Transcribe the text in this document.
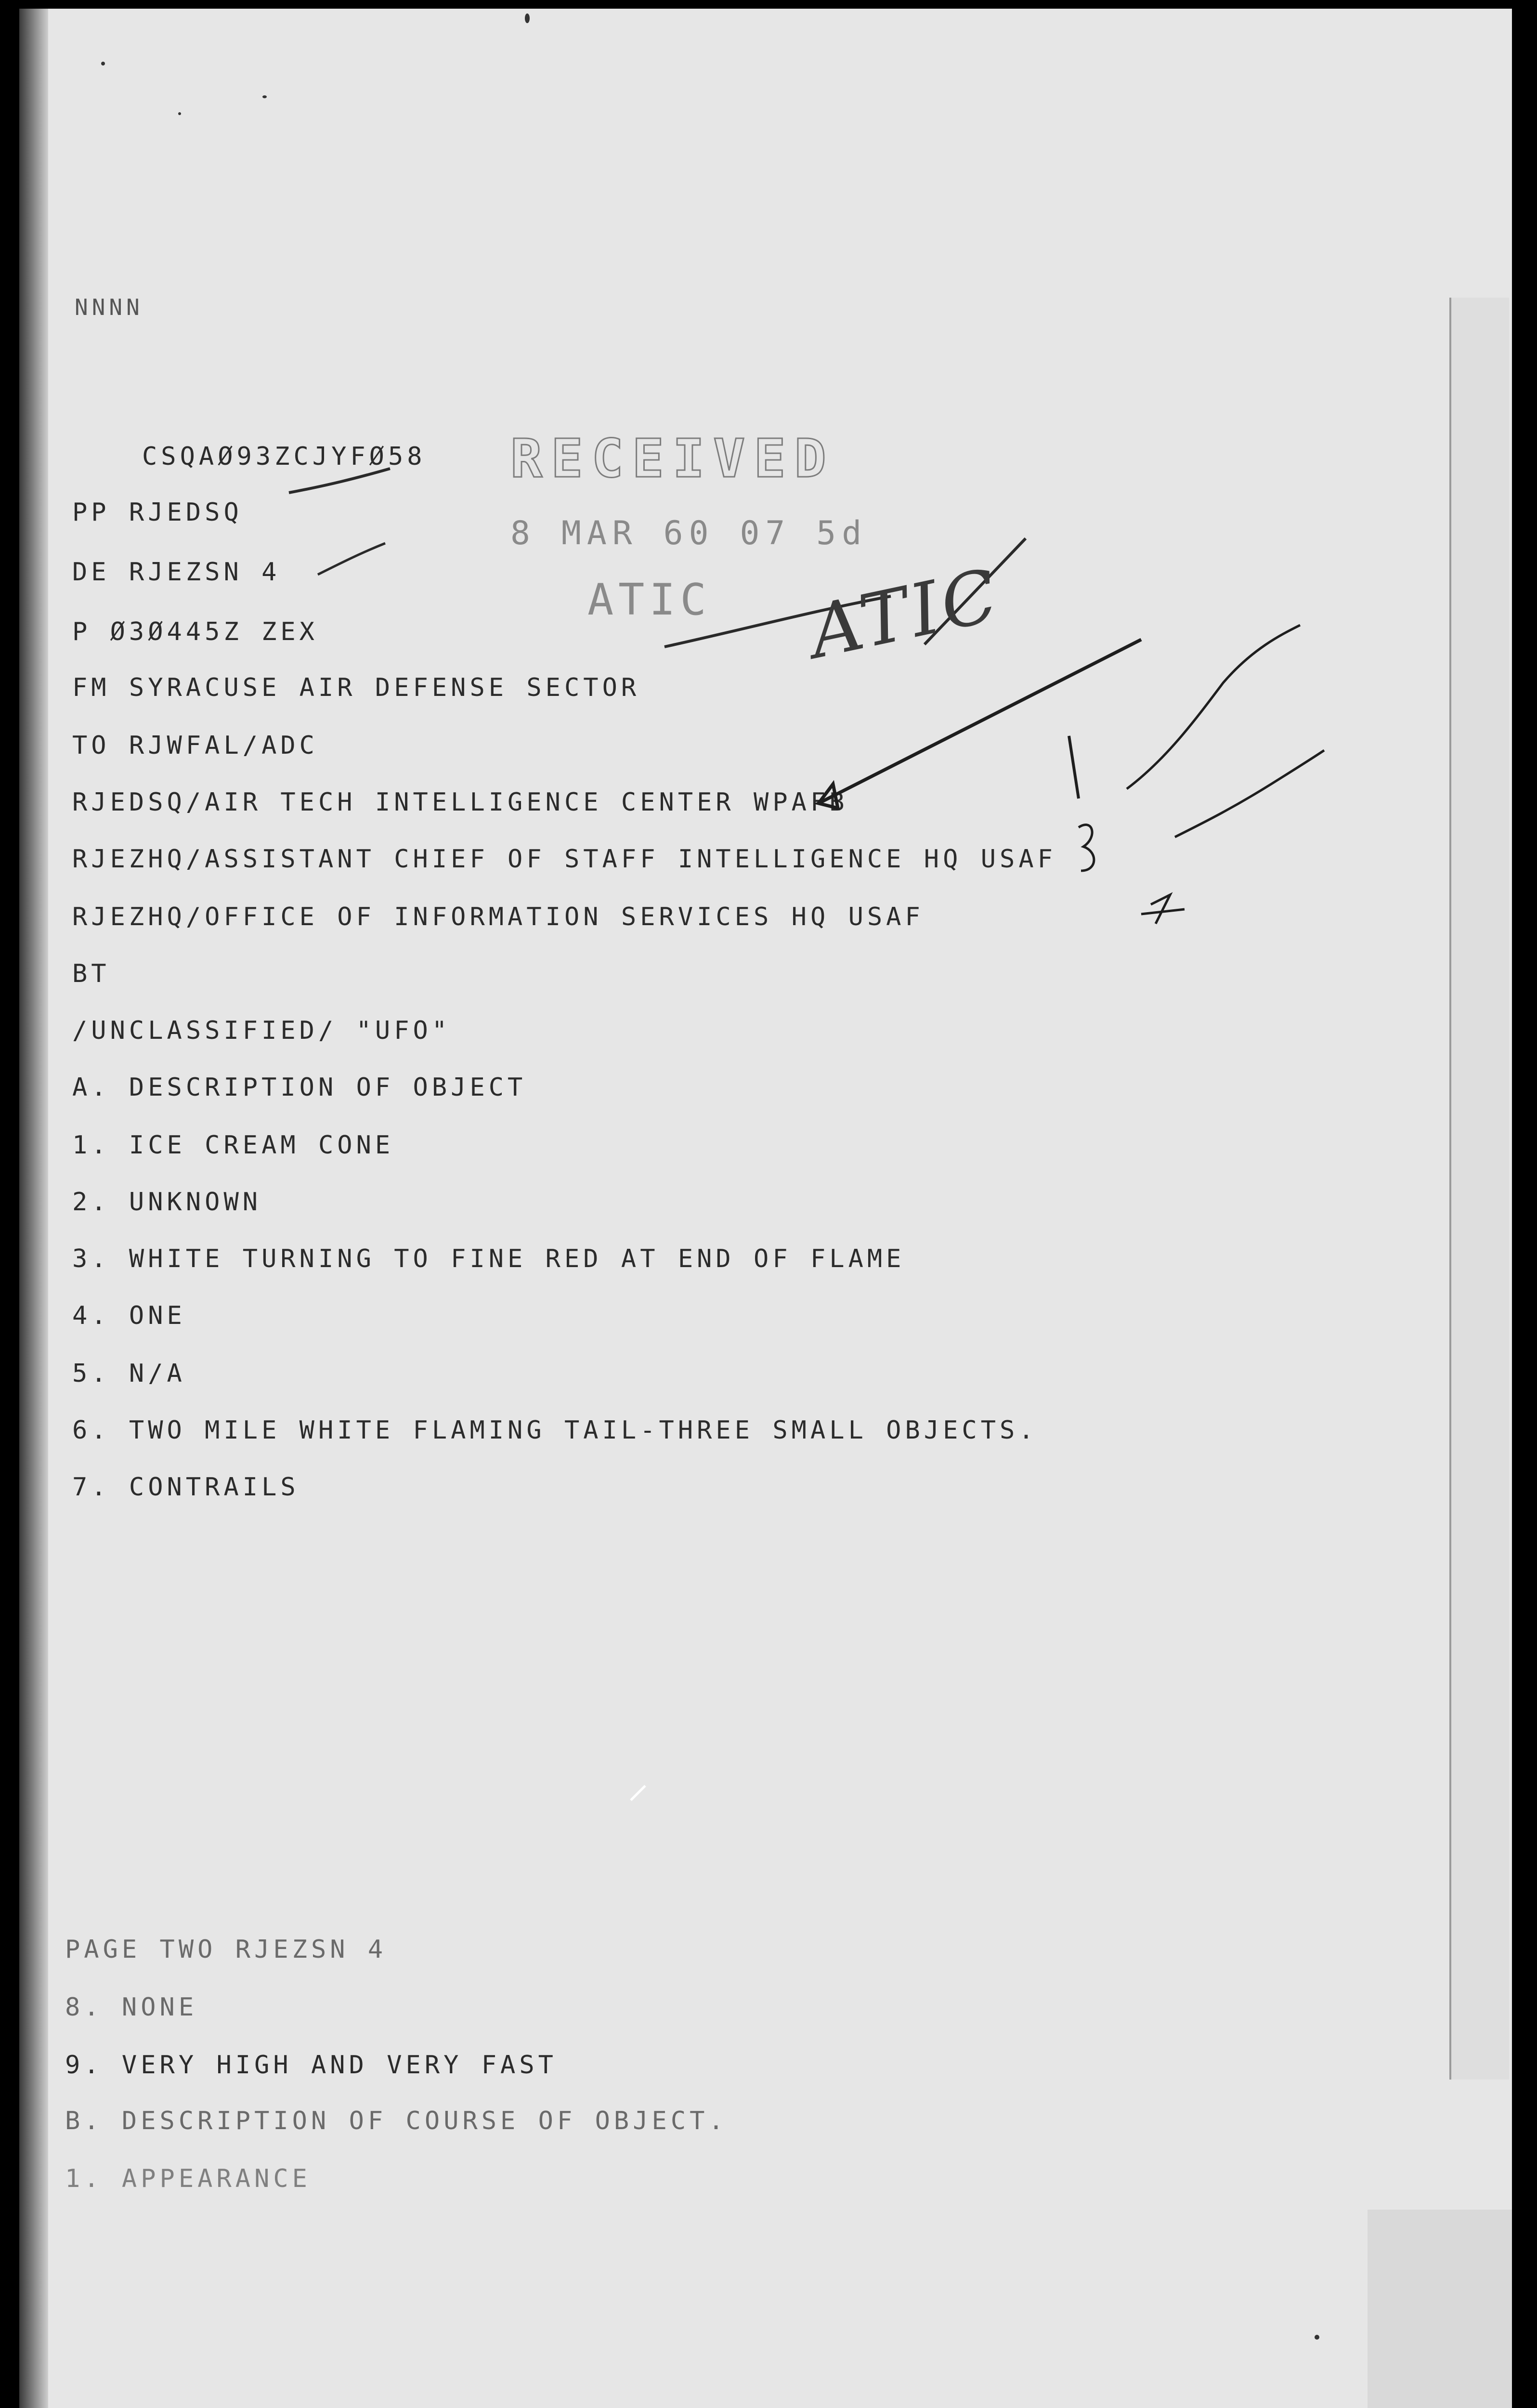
NNNN
CSQAØ93ZCJYFØ58
PP RJEDSQ
DE RJEZSN 4
P Ø3Ø445Z ZEX
RECEIVED
8 MAR 60 07 5d
ATIC
FM SYRACUSE AIR DEFENSE SECTOR
TO RJWFAL/ADC
RJEDSQ/AIR TECH INTELLIGENCE CENTER WPAFB
RJEZHQ/ASSISTANT CHIEF OF STAFF INTELLIGENCE HQ USAF
RJEZHQ/OFFICE OF INFORMATION SERVICES HQ USAF
BT
/UNCLASSIFIED/ "UFO"
A. DESCRIPTION OF OBJECT
1. ICE CREAM CONE
2. UNKNOWN
3. WHITE TURNING TO FINE RED AT END OF FLAME
4. ONE
5. N/A
6. TWO MILE WHITE FLAMING TAIL-THREE SMALL OBJECTS.
7. CONTRAILS
PAGE TWO RJEZSN 4
8. NONE
9. VERY HIGH AND VERY FAST
B. DESCRIPTION OF COURSE OF OBJECT.
1. APPEARANCE
ATIC
